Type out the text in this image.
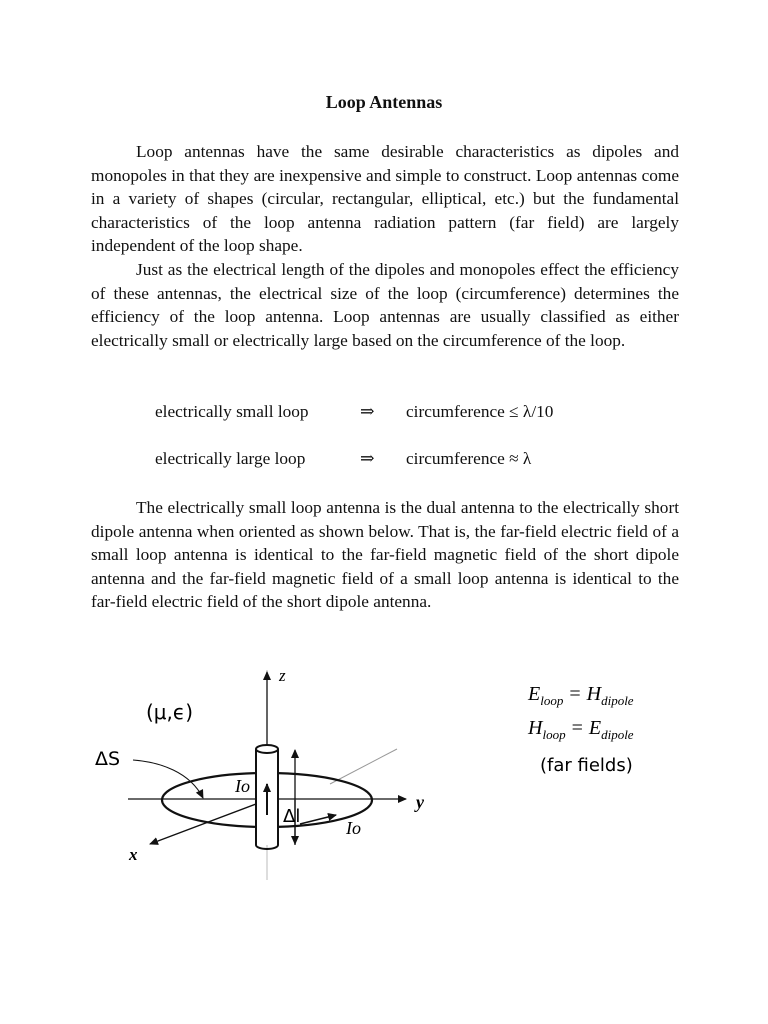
Loop Antennas

Loop antennas have the same desirable characteristics as dipoles and monopoles in that they are inexpensive and simple to construct. Loop antennas come in a variety of shapes (circular, rectangular, elliptical, etc.) but the fundamental characteristics of the loop antenna radiation pattern (far field) are largely independent of the loop shape.

Just as the electrical length of the dipoles and monopoles effect the efficiency of these antennas, the electrical size of the loop (circumference) determines the efficiency of the loop antenna. Loop antennas are usually classified as either electrically small or electrically large based on the circumference of the loop.

electrically small loop	⇒ circumference ≤ λ/10
electrically large loop	⇒ circumference ≈ λ

The electrically small loop antenna is the dual antenna to the electrically short dipole antenna when oriented as shown below. That is, the far-field electric field of a small loop antenna is identical to the far-field magnetic field of the short dipole antenna and the far-field magnetic field of a small loop antenna is identical to the far-field electric field of the short dipole antenna.

z
y
x
(μ,ϵ)
ΔS
Io
Δl
Io
$E_{loop} = H_{dipole}$
$H_{loop} = E_{dipole}$
(far fields)
